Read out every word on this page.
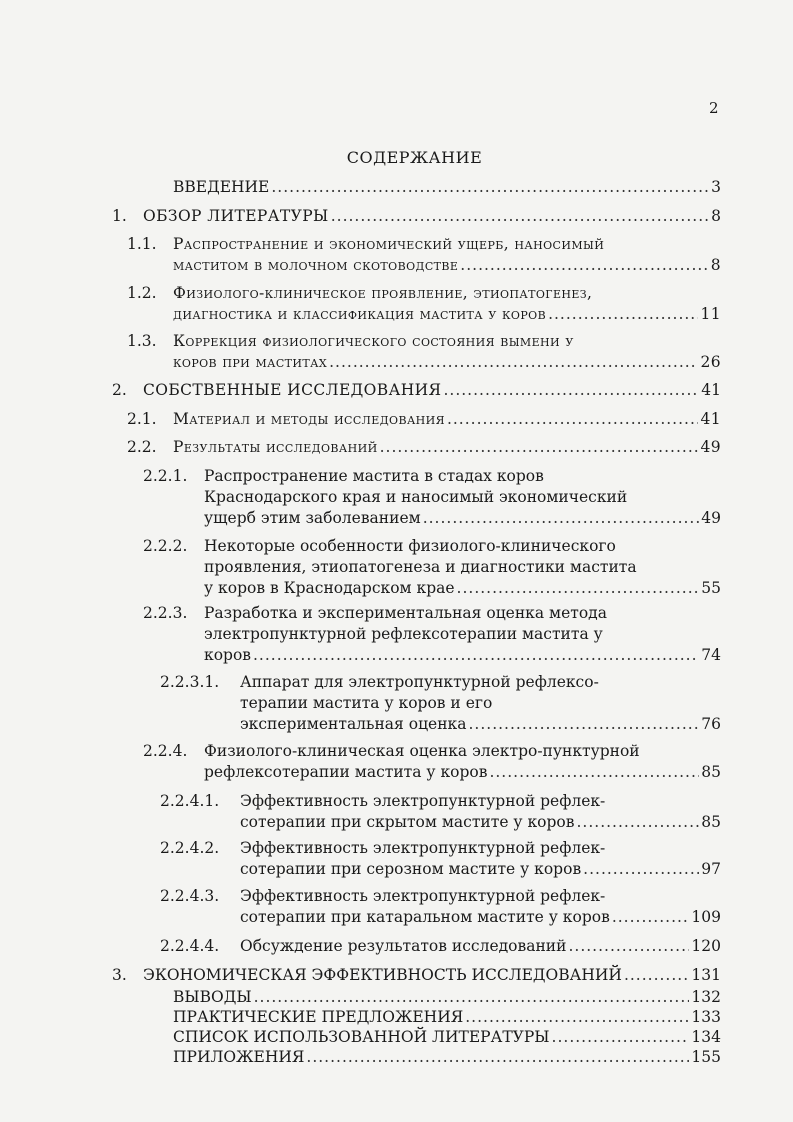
2
СОДЕРЖАНИЕ
ВВЕДЕНИЕ .....	3
1. ОБЗОР ЛИТЕРАТУРЫ .....	8
1.1. Распространение и экономический ущерб, наносимый
маститом в молочном скотоводстве .....	8
1.2. Физиолого-клиническое проявление, этиопатогенез,
диагностика и классификация мастита у коров .....	11
1.3. Коррекция физиологического состояния вымени у
коров при маститах .....	26
2. СОБСТВЕННЫЕ ИССЛЕДОВАНИЯ .....	41
2.1. Материал и методы исследования .....	41
2.2. Результаты исследований .....	49
2.2.1. Распространение мастита в стадах коров
Краснодарского края и наносимый экономический
ущерб этим заболеванием .....	49
2.2.2. Некоторые особенности физиолого-клинического
проявления, этиопатогенеза и диагностики мастита
у коров в Краснодарском крае .....	55
2.2.3. Разработка и экспериментальная оценка метода
электропунктурной рефлексотерапии мастита у
коров .....	74
2.2.3.1. Аппарат для электропунктурной рефлексо-
терапии мастита у коров и его
экспериментальная оценка .....	76
2.2.4. Физиолого-клиническая оценка электро-пунктурной
рефлексотерапии мастита у коров .....	85
2.2.4.1. Эффективность электропунктурной рефлек-
сотерапии при скрытом мастите у коров .....	85
2.2.4.2. Эффективность электропунктурной рефлек-
сотерапии при серозном мастите у коров .....	97
2.2.4.3. Эффективность электропунктурной рефлек-
сотерапии при катаральном мастите у коров .....	109
2.2.4.4. Обсуждение результатов исследований .....	120
3. ЭКОНОМИЧЕСКАЯ ЭФФЕКТИВНОСТЬ ИССЛЕДОВАНИЙ .....	131
ВЫВОДЫ .....	132
ПРАКТИЧЕСКИЕ ПРЕДЛОЖЕНИЯ .....	133
СПИСОК ИСПОЛЬЗОВАННОЙ ЛИТЕРАТУРЫ .....	134
ПРИЛОЖЕНИЯ .....	155
